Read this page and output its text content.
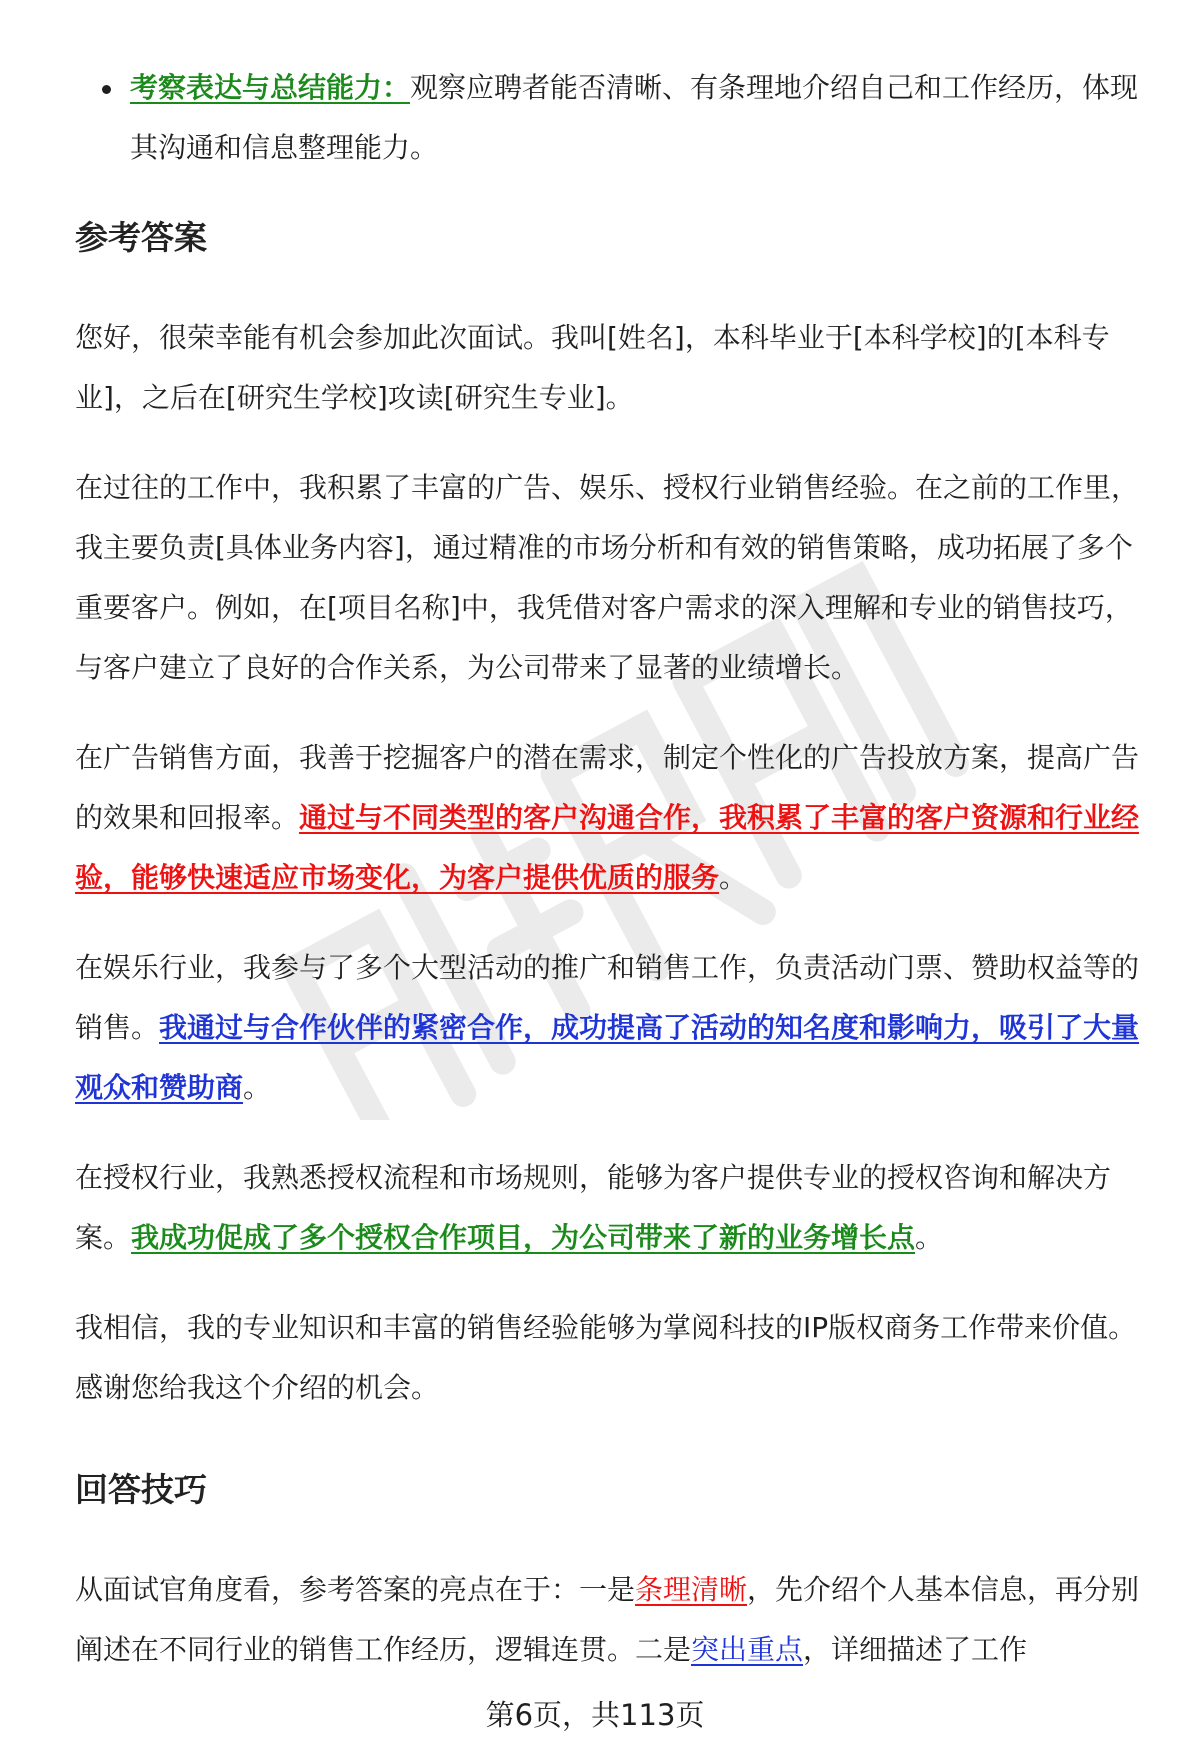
考察表达与总结能力：观察应聘者能否清晰、有条理地介绍自己和工作经历，体现其沟通和信息整理能力。
参考答案

您好，很荣幸能有机会参加此次面试。我叫[姓名]，本科毕业于[本科学校]的[本科专业]，之后在[研究生学校]攻读[研究生专业]。

在过往的工作中，我积累了丰富的广告、娱乐、授权行业销售经验。在之前的工作里，我主要负责[具体业务内容]，通过精准的市场分析和有效的销售策略，成功拓展了多个重要客户。例如，在[项目名称]中，我凭借对客户需求的深入理解和专业的销售技巧，与客户建立了良好的合作关系，为公司带来了显著的业绩增长。

在广告销售方面，我善于挖掘客户的潜在需求，制定个性化的广告投放方案，提高广告的效果和回报率。通过与不同类型的客户沟通合作，我积累了丰富的客户资源和行业经验，能够快速适应市场变化，为客户提供优质的服务。

在娱乐行业，我参与了多个大型活动的推广和销售工作，负责活动门票、赞助权益等的销售。我通过与合作伙伴的紧密合作，成功提高了活动的知名度和影响力，吸引了大量观众和赞助商。

在授权行业，我熟悉授权流程和市场规则，能够为客户提供专业的授权咨询和解决方案。我成功促成了多个授权合作项目，为公司带来了新的业务增长点。

我相信，我的专业知识和丰富的销售经验能够为掌阅科技的IP版权商务工作带来价值。感谢您给我这个介绍的机会。

回答技巧

从面试官角度看，参考答案的亮点在于：一是条理清晰，先介绍个人基本信息，再分别阐述在不同行业的销售工作经历，逻辑连贯。二是突出重点，详细描述了工作

第6页，共113页
